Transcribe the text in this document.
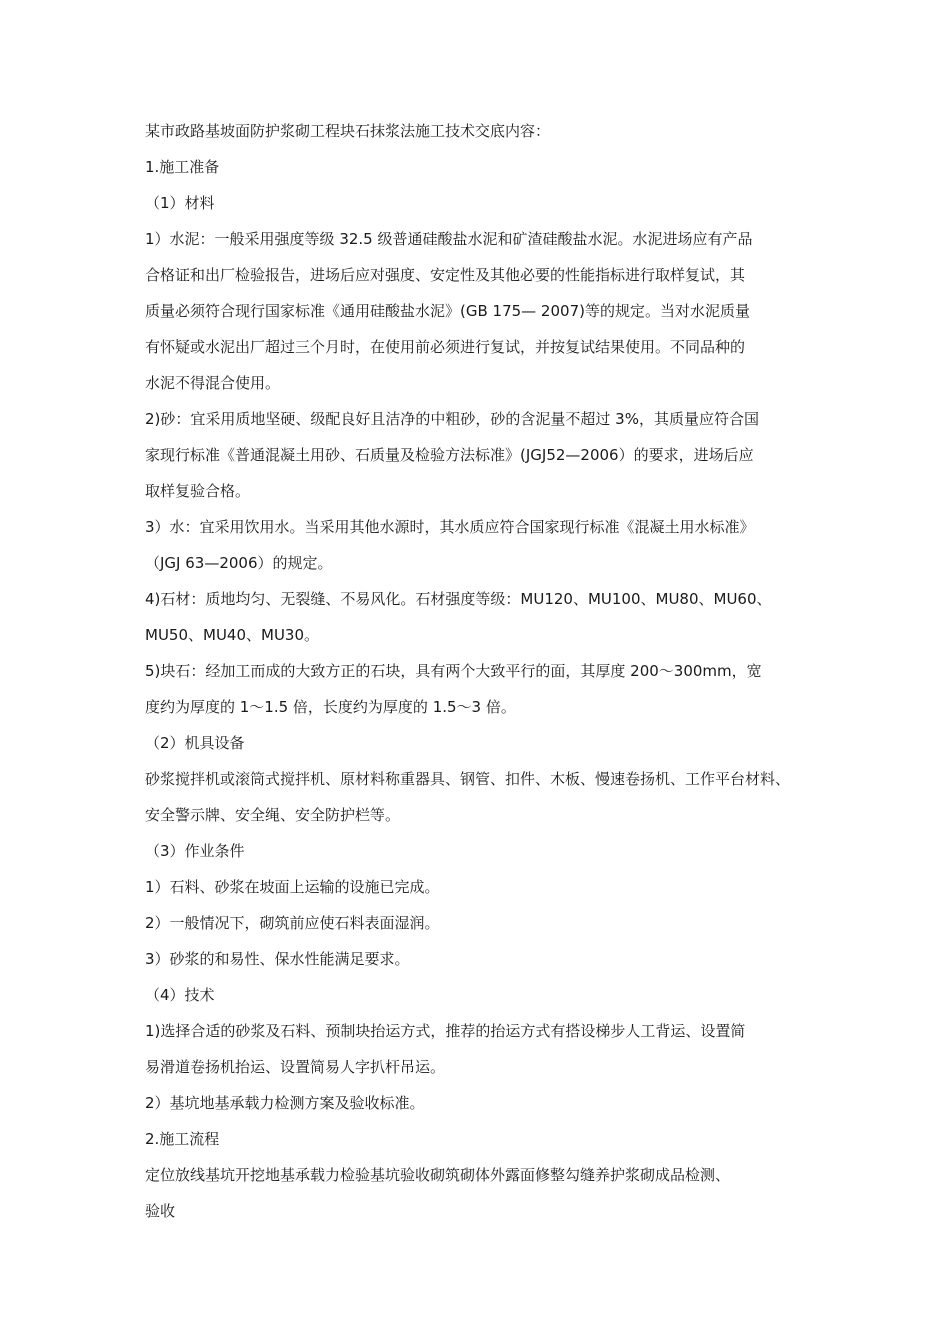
某市政路基坡面防护浆砌工程块石抹浆法施工技术交底内容：
1.施工准备
（1）材料
1）水泥：一般采用强度等级 32.5 级普通硅酸盐水泥和矿渣硅酸盐水泥。水泥进场应有产品
合格证和出厂检验报告，进场后应对强度、安定性及其他必要的性能指标进行取样复试，其
质量必须符合现行国家标准《通用硅酸盐水泥》(GB 175— 2007)等的规定。当对水泥质量
有怀疑或水泥出厂超过三个月时，在使用前必须进行复试，并按复试结果使用。不同品种的
水泥不得混合使用。
2)砂：宜采用质地坚硬、级配良好且洁净的中粗砂，砂的含泥量不超过 3%，其质量应符合国
家现行标准《普通混凝土用砂、石质量及检验方法标准》(JGJ52—2006）的要求，进场后应
取样复验合格。
3）水：宜采用饮用水。当采用其他水源时，其水质应符合国家现行标准《混凝土用水标准》
（JGJ 63—2006）的规定。
4)石材：质地均匀、无裂缝、不易风化。石材强度等级：MU120、MU100、MU80、MU60、
MU50、MU40、MU30。
5)块石：经加工而成的大致方正的石块，具有两个大致平行的面，其厚度 200～300mm，宽
度约为厚度的 1～1.5 倍，长度约为厚度的 1.5～3 倍。
（2）机具设备
砂浆搅拌机或滚筒式搅拌机、原材料称重器具、钢管、扣件、木板、慢速卷扬机、工作平台材料、
安全警示牌、安全绳、安全防护栏等。
（3）作业条件
1）石料、砂浆在坡面上运输的设施已完成。
2）一般情况下，砌筑前应使石料表面湿润。
3）砂浆的和易性、保水性能满足要求。
（4）技术
1)选择合适的砂浆及石料、预制块抬运方式，推荐的抬运方式有搭设梯步人工背运、设置简
易滑道卷扬机抬运、设置简易人字扒杆吊运。
2）基坑地基承载力检测方案及验收标准。
2.施工流程
定位放线基坑开挖地基承载力检验基坑验收砌筑砌体外露面修整勾缝养护浆砌成品检测、
验收
